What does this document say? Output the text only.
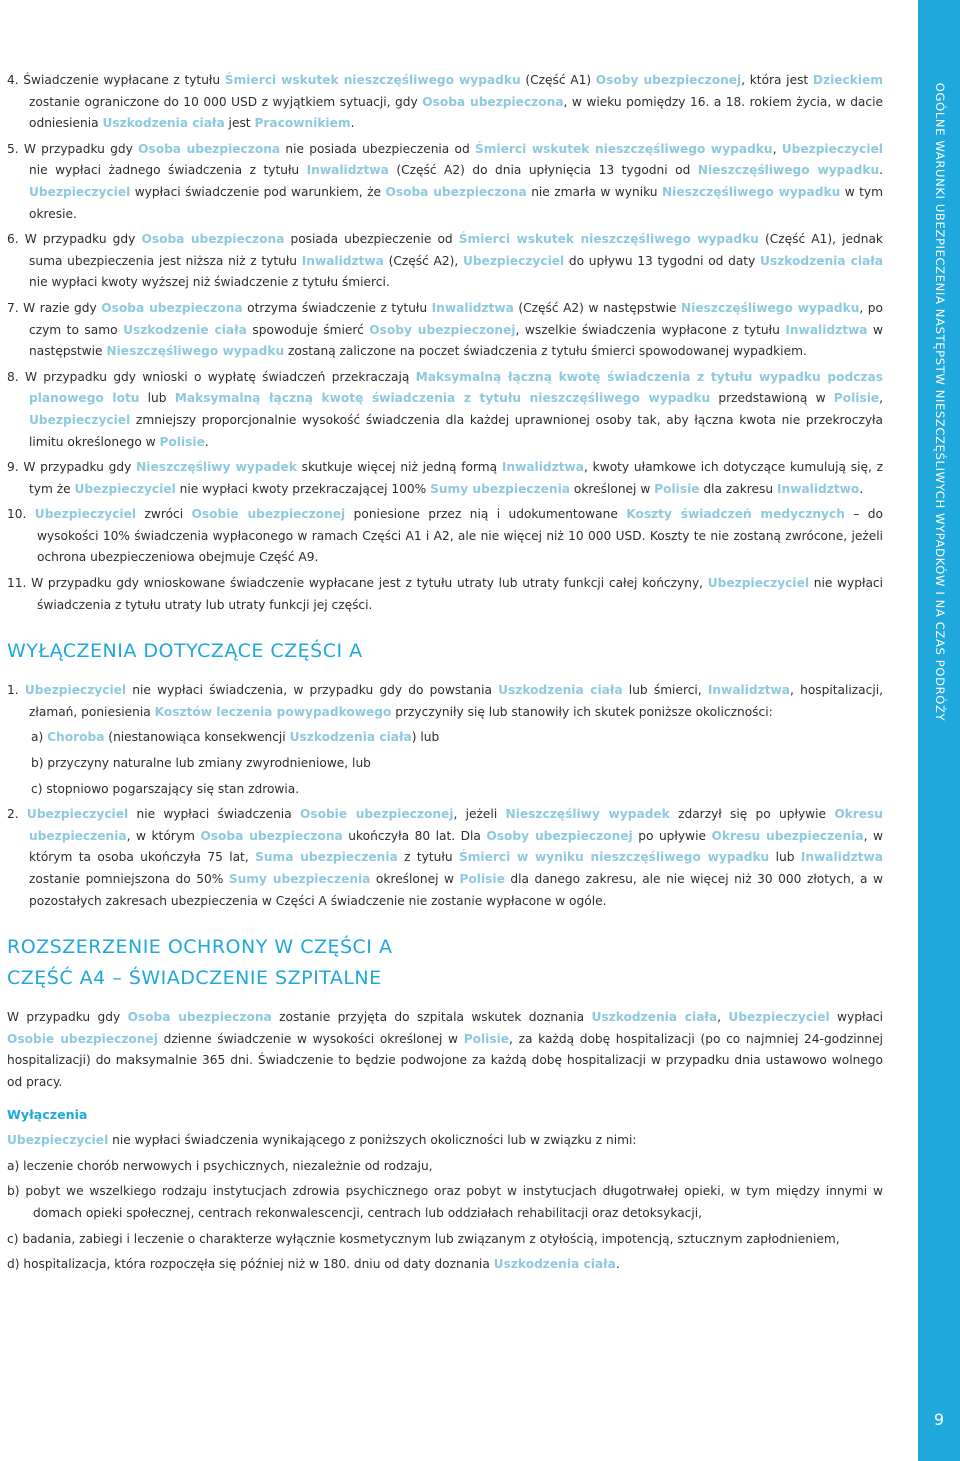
4. Świadczenie wypłacane z tytułu Śmierci wskutek nieszczęśliwego wypadku (Część A1) Osoby ubezpieczonej, która jest Dzieckiem zostanie ograniczone do 10 000 USD z wyjątkiem sytuacji, gdy Osoba ubezpieczona, w wieku pomiędzy 16. a 18. rokiem życia, w dacie odniesienia Uszkodzenia ciała jest Pracownikiem.

5. W przypadku gdy Osoba ubezpieczona nie posiada ubezpieczenia od Śmierci wskutek nieszczęśliwego wypadku, Ubezpieczyciel nie wypłaci żadnego świadczenia z tytułu Inwalidztwa (Część A2) do dnia upłynięcia 13 tygodni od Nieszczęśliwego wypadku. Ubezpieczyciel wypłaci świadczenie pod warunkiem, że Osoba ubezpieczona nie zmarła w wyniku Nieszczęśliwego wypadku w tym okresie.

6. W przypadku gdy Osoba ubezpieczona posiada ubezpieczenie od Śmierci wskutek nieszczęśliwego wypadku (Część A1), jednak suma ubezpieczenia jest niższa niż z tytułu Inwalidztwa (Część A2), Ubezpieczyciel do upływu 13 tygodni od daty Uszkodzenia ciała nie wypłaci kwoty wyższej niż świadczenie z tytułu śmierci.

7. W razie gdy Osoba ubezpieczona otrzyma świadczenie z tytułu Inwalidztwa (Część A2) w następstwie Nieszczęśliwego wypadku, po czym to samo Uszkodzenie ciała spowoduje śmierć Osoby ubezpieczonej, wszelkie świadczenia wypłacone z tytułu Inwalidztwa w następstwie Nieszczęśliwego wypadku zostaną zaliczone na poczet świadczenia z tytułu śmierci spowodowanej wypadkiem.

8. W przypadku gdy wnioski o wypłatę świadczeń przekraczają Maksymalną łączną kwotę świadczenia z tytułu wypadku podczas planowego lotu lub Maksymalną łączną kwotę świadczenia z tytułu nieszczęśliwego wypadku przedstawioną w Polisie, Ubezpieczyciel zmniejszy proporcjonalnie wysokość świadczenia dla każdej uprawnionej osoby tak, aby łączna kwota nie przekroczyła limitu określonego w Polisie.

9. W przypadku gdy Nieszczęśliwy wypadek skutkuje więcej niż jedną formą Inwalidztwa, kwoty ułamkowe ich dotyczące kumulują się, z tym że Ubezpieczyciel nie wypłaci kwoty przekraczającej 100% Sumy ubezpieczenia określonej w Polisie dla zakresu Inwalidztwo.

10. Ubezpieczyciel zwróci Osobie ubezpieczonej poniesione przez nią i udokumentowane Koszty świadczeń medycznych – do wysokości 10% świadczenia wypłaconego w ramach Części A1 i A2, ale nie więcej niż 10 000 USD. Koszty te nie zostaną zwrócone, jeżeli ochrona ubezpieczeniowa obejmuje Część A9.

11. W przypadku gdy wnioskowane świadczenie wypłacane jest z tytułu utraty lub utraty funkcji całej kończyny, Ubezpieczyciel nie wypłaci świadczenia z tytułu utraty lub utraty funkcji jej części.

WYŁĄCZENIA DOTYCZĄCE CZĘŚCI A

1. Ubezpieczyciel nie wypłaci świadczenia, w przypadku gdy do powstania Uszkodzenia ciała lub śmierci, Inwalidztwa, hospitalizacji, złamań, poniesienia Kosztów leczenia powypadkowego przyczyniły się lub stanowiły ich skutek poniższe okoliczności:

a) Choroba (niestanowiąca konsekwencji Uszkodzenia ciała) lub

b) przyczyny naturalne lub zmiany zwyrodnieniowe, lub

c) stopniowo pogarszający się stan zdrowia.

2. Ubezpieczyciel nie wypłaci świadczenia Osobie ubezpieczonej, jeżeli Nieszczęśliwy wypadek zdarzył się po upływie Okresu ubezpieczenia, w którym Osoba ubezpieczona ukończyła 80 lat. Dla Osoby ubezpieczonej po upływie Okresu ubezpieczenia, w którym ta osoba ukończyła 75 lat, Suma ubezpieczenia z tytułu Śmierci w wyniku nieszczęśliwego wypadku lub Inwalidztwa zostanie pomniejszona do 50% Sumy ubezpieczenia określonej w Polisie dla danego zakresu, ale nie więcej niż 30 000 złotych, a w pozostałych zakresach ubezpieczenia w Części A świadczenie nie zostanie wypłacone w ogóle.

ROZSZERZENIE OCHRONY W CZĘŚCI A
CZĘŚĆ A4 – ŚWIADCZENIE SZPITALNE

W przypadku gdy Osoba ubezpieczona zostanie przyjęta do szpitala wskutek doznania Uszkodzenia ciała, Ubezpieczyciel wypłaci Osobie ubezpieczonej dzienne świadczenie w wysokości określonej w Polisie, za każdą dobę hospitalizacji (po co najmniej 24-godzinnej hospitalizacji) do maksymalnie 365 dni. Świadczenie to będzie podwojone za każdą dobę hospitalizacji w przypadku dnia ustawowo wolnego od pracy.

Wyłączenia

Ubezpieczyciel nie wypłaci świadczenia wynikającego z poniższych okoliczności lub w związku z nimi:

a) leczenie chorób nerwowych i psychicznych, niezależnie od rodzaju,

b) pobyt we wszelkiego rodzaju instytucjach zdrowia psychicznego oraz pobyt w instytucjach długotrwałej opieki, w tym między innymi w domach opieki społecznej, centrach rekonwalescencji, centrach lub oddziałach rehabilitacji oraz detoksykacji,

c) badania, zabiegi i leczenie o charakterze wyłącznie kosmetycznym lub związanym z otyłością, impotencją, sztucznym zapłodnieniem,

d) hospitalizacja, która rozpoczęła się później niż w 180. dniu od daty doznania Uszkodzenia ciała.

9
OGÓLNE WARUNKI UBEZPIECZENIA NASTĘPSTW NIESZCZĘŚLIWYCH WYPADKÓW I NA CZAS PODRÓŻY
